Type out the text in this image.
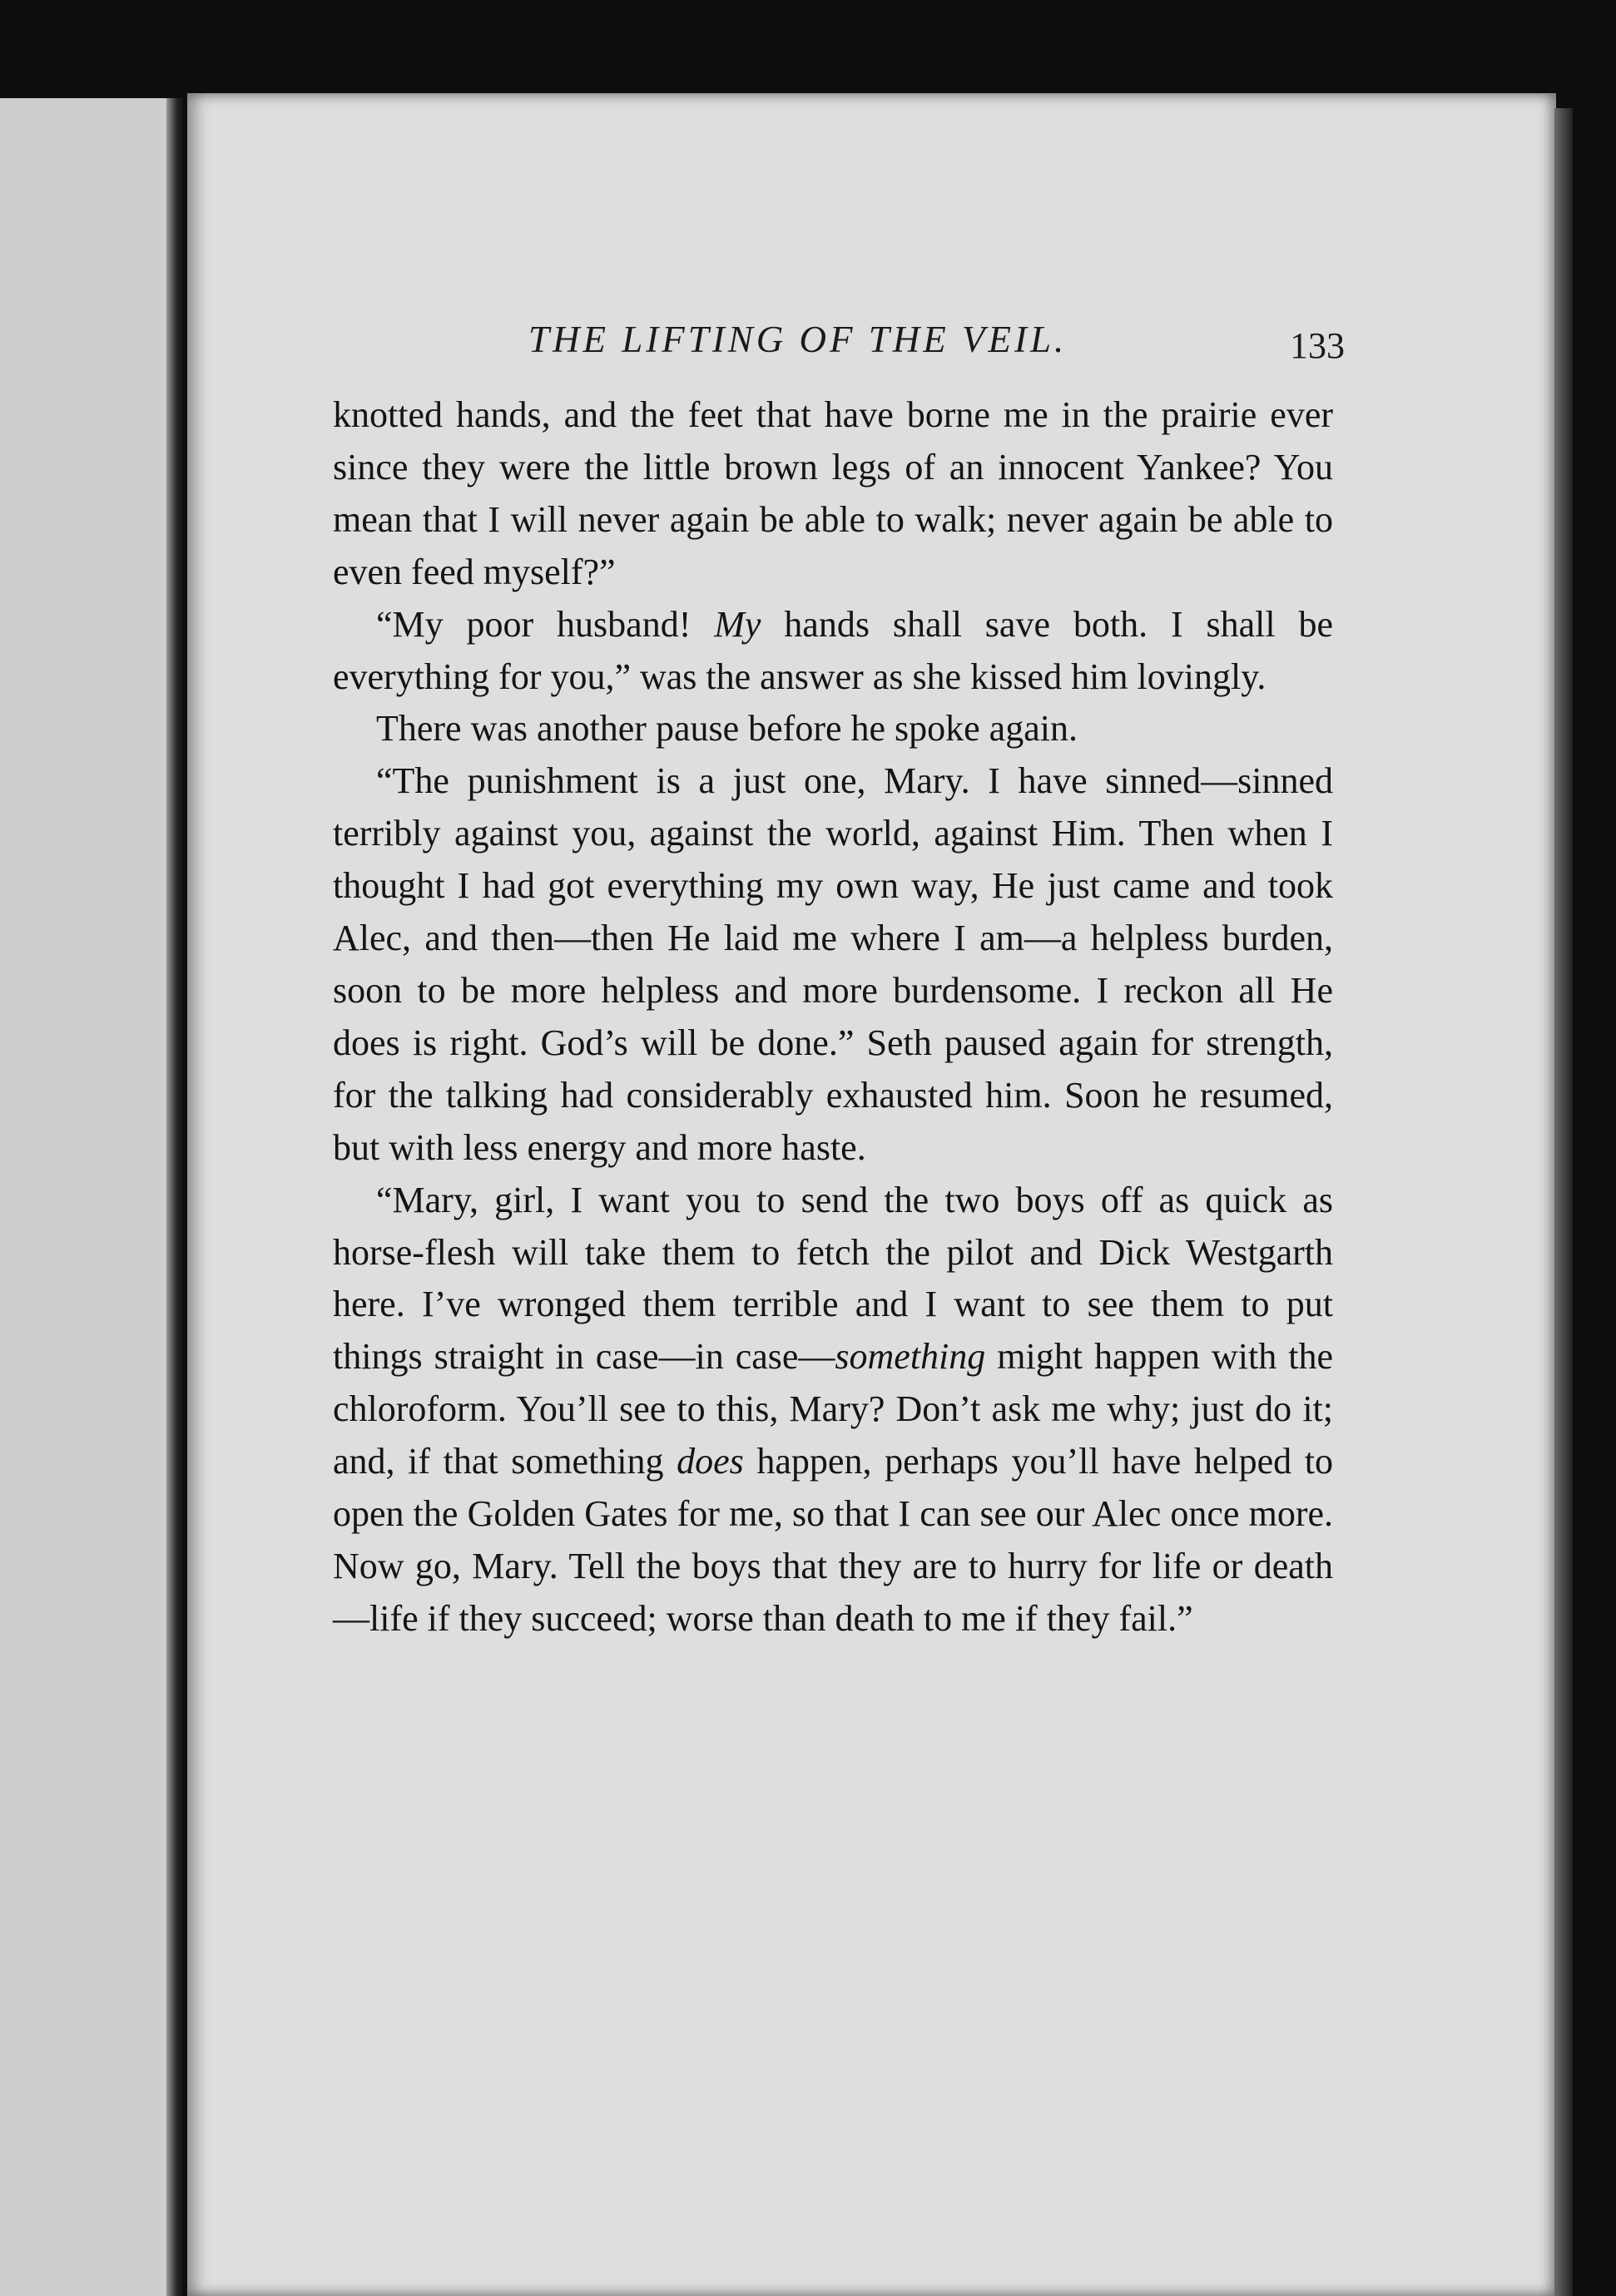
THE LIFTING OF THE VEIL.	133

knotted hands, and the feet that have borne me in the prairie ever since they were the little brown legs of an innocent Yankee? You mean that I will never again be able to walk; never again be able to even feed myself?”

“My poor husband! My hands shall save both. I shall be everything for you,” was the answer as she kissed him lovingly.

There was another pause before he spoke again.

“The punishment is a just one, Mary. I have sinned—sinned terribly against you, against the world, against Him. Then when I thought I had got everything my own way, He just came and took Alec, and then—then He laid me where I am—a helpless burden, soon to be more helpless and more burdensome. I reckon all He does is right. God’s will be done.” Seth paused again for strength, for the talking had considerably exhausted him. Soon he resumed, but with less energy and more haste.

“Mary, girl, I want you to send the two boys off as quick as horse-flesh will take them to fetch the pilot and Dick Westgarth here. I’ve wronged them terrible and I want to see them to put things straight in case—in case—something might happen with the chloroform. You’ll see to this, Mary? Don’t ask me why; just do it; and, if that something does happen, perhaps you’ll have helped to open the Golden Gates for me, so that I can see our Alec once more. Now go, Mary. Tell the boys that they are to hurry for life or death—life if they succeed; worse than death to me if they fail.”
